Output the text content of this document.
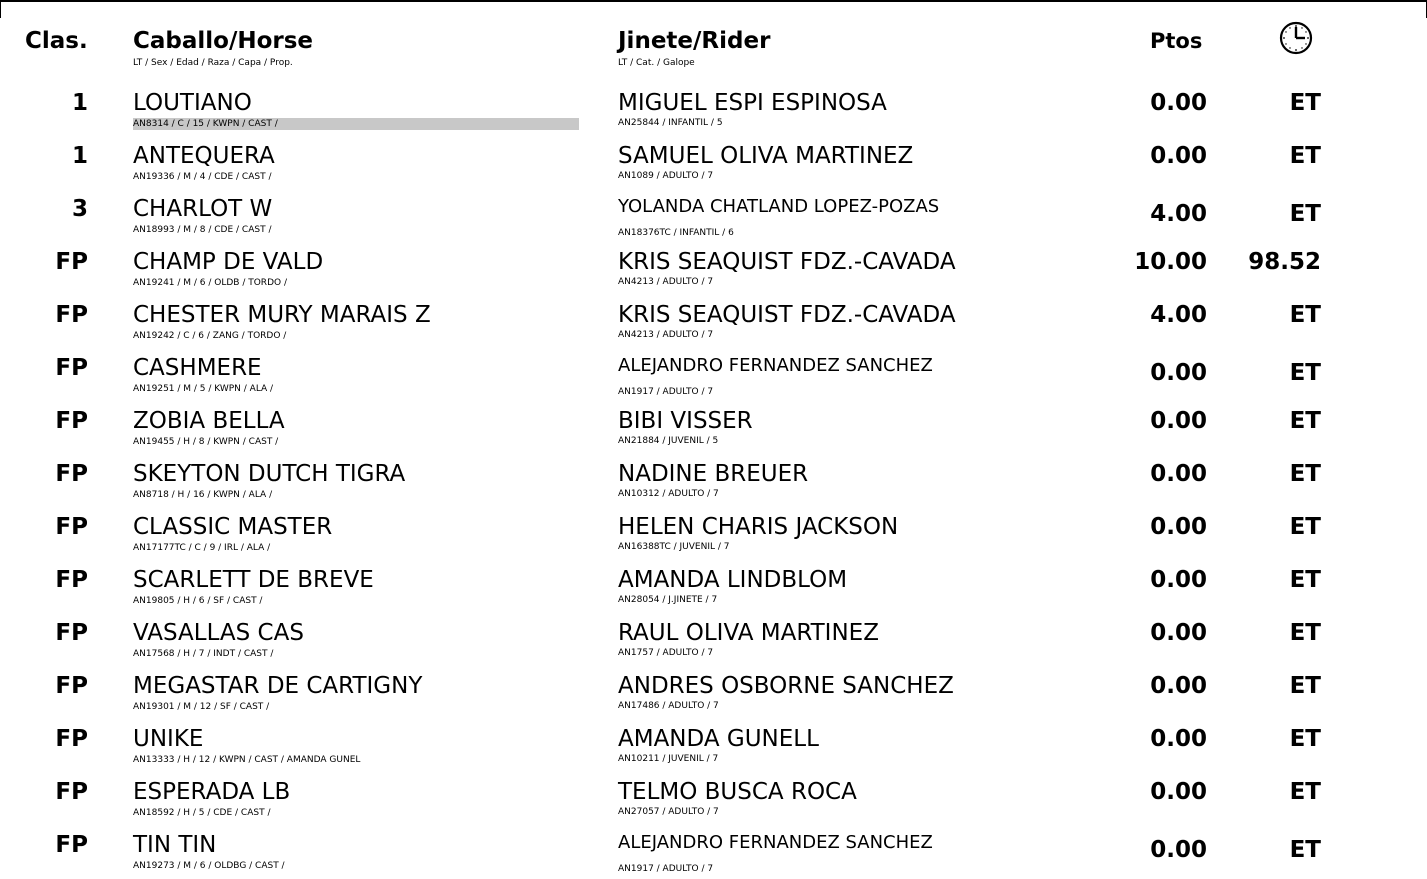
Clas. Caballo/Horse
LT / Sex / Edad / Raza / Capa / Prop.
Jinete/Rider
LT / Cat. / Galope
Ptos
1 LOUTIANO
AN8314 / C / 15 / KWPN / CAST /
MIGUEL ESPI ESPINOSA
AN25844 / INFANTIL / 5
0.00	ET
1 ANTEQUERA
AN19336 / M / 4 / CDE / CAST /
SAMUEL OLIVA MARTINEZ
AN1089 / ADULTO / 7
0.00	ET
3 CHARLOT W
AN18993 / M / 8 / CDE / CAST /
YOLANDA CHATLAND LOPEZ-POZAS
AN18376TC / INFANTIL / 6
4.00	ET
FP CHAMP DE VALD
AN19241 / M / 6 / OLDB / TORDO /
KRIS SEAQUIST FDZ.-CAVADA
AN4213 / ADULTO / 7
10.00	98.52
FP CHESTER MURY MARAIS Z
AN19242 / C / 6 / ZANG / TORDO /
KRIS SEAQUIST FDZ.-CAVADA
AN4213 / ADULTO / 7
4.00	ET
FP CASHMERE
AN19251 / M / 5 / KWPN / ALA /
ALEJANDRO FERNANDEZ SANCHEZ
AN1917 / ADULTO / 7
0.00	ET
FP ZOBIA BELLA
AN19455 / H / 8 / KWPN / CAST /
BIBI VISSER
AN21884 / JUVENIL / 5
0.00	ET
FP SKEYTON DUTCH TIGRA
AN8718 / H / 16 / KWPN / ALA /
NADINE BREUER
AN10312 / ADULTO / 7
0.00	ET
FP CLASSIC MASTER
AN17177TC / C / 9 / IRL / ALA /
HELEN CHARIS JACKSON
AN16388TC / JUVENIL / 7
0.00	ET
FP SCARLETT DE BREVE
AN19805 / H / 6 / SF / CAST /
AMANDA LINDBLOM
AN28054 / J.JINETE / 7
0.00	ET
FP VASALLAS CAS
AN17568 / H / 7 / INDT / CAST /
RAUL OLIVA MARTINEZ
AN1757 / ADULTO / 7
0.00	ET
FP MEGASTAR DE CARTIGNY
AN19301 / M / 12 / SF / CAST /
ANDRES OSBORNE SANCHEZ
AN17486 / ADULTO / 7
0.00	ET
FP UNIKE
AN13333 / H / 12 / KWPN / CAST / AMANDA GUNEL
AMANDA GUNELL
AN10211 / JUVENIL / 7
0.00	ET
FP ESPERADA LB
AN18592 / H / 5 / CDE / CAST /
TELMO BUSCA ROCA
AN27057 / ADULTO / 7
0.00	ET
FP TIN TIN
AN19273 / M / 6 / OLDBG / CAST /
ALEJANDRO FERNANDEZ SANCHEZ
AN1917 / ADULTO / 7
0.00	ET
